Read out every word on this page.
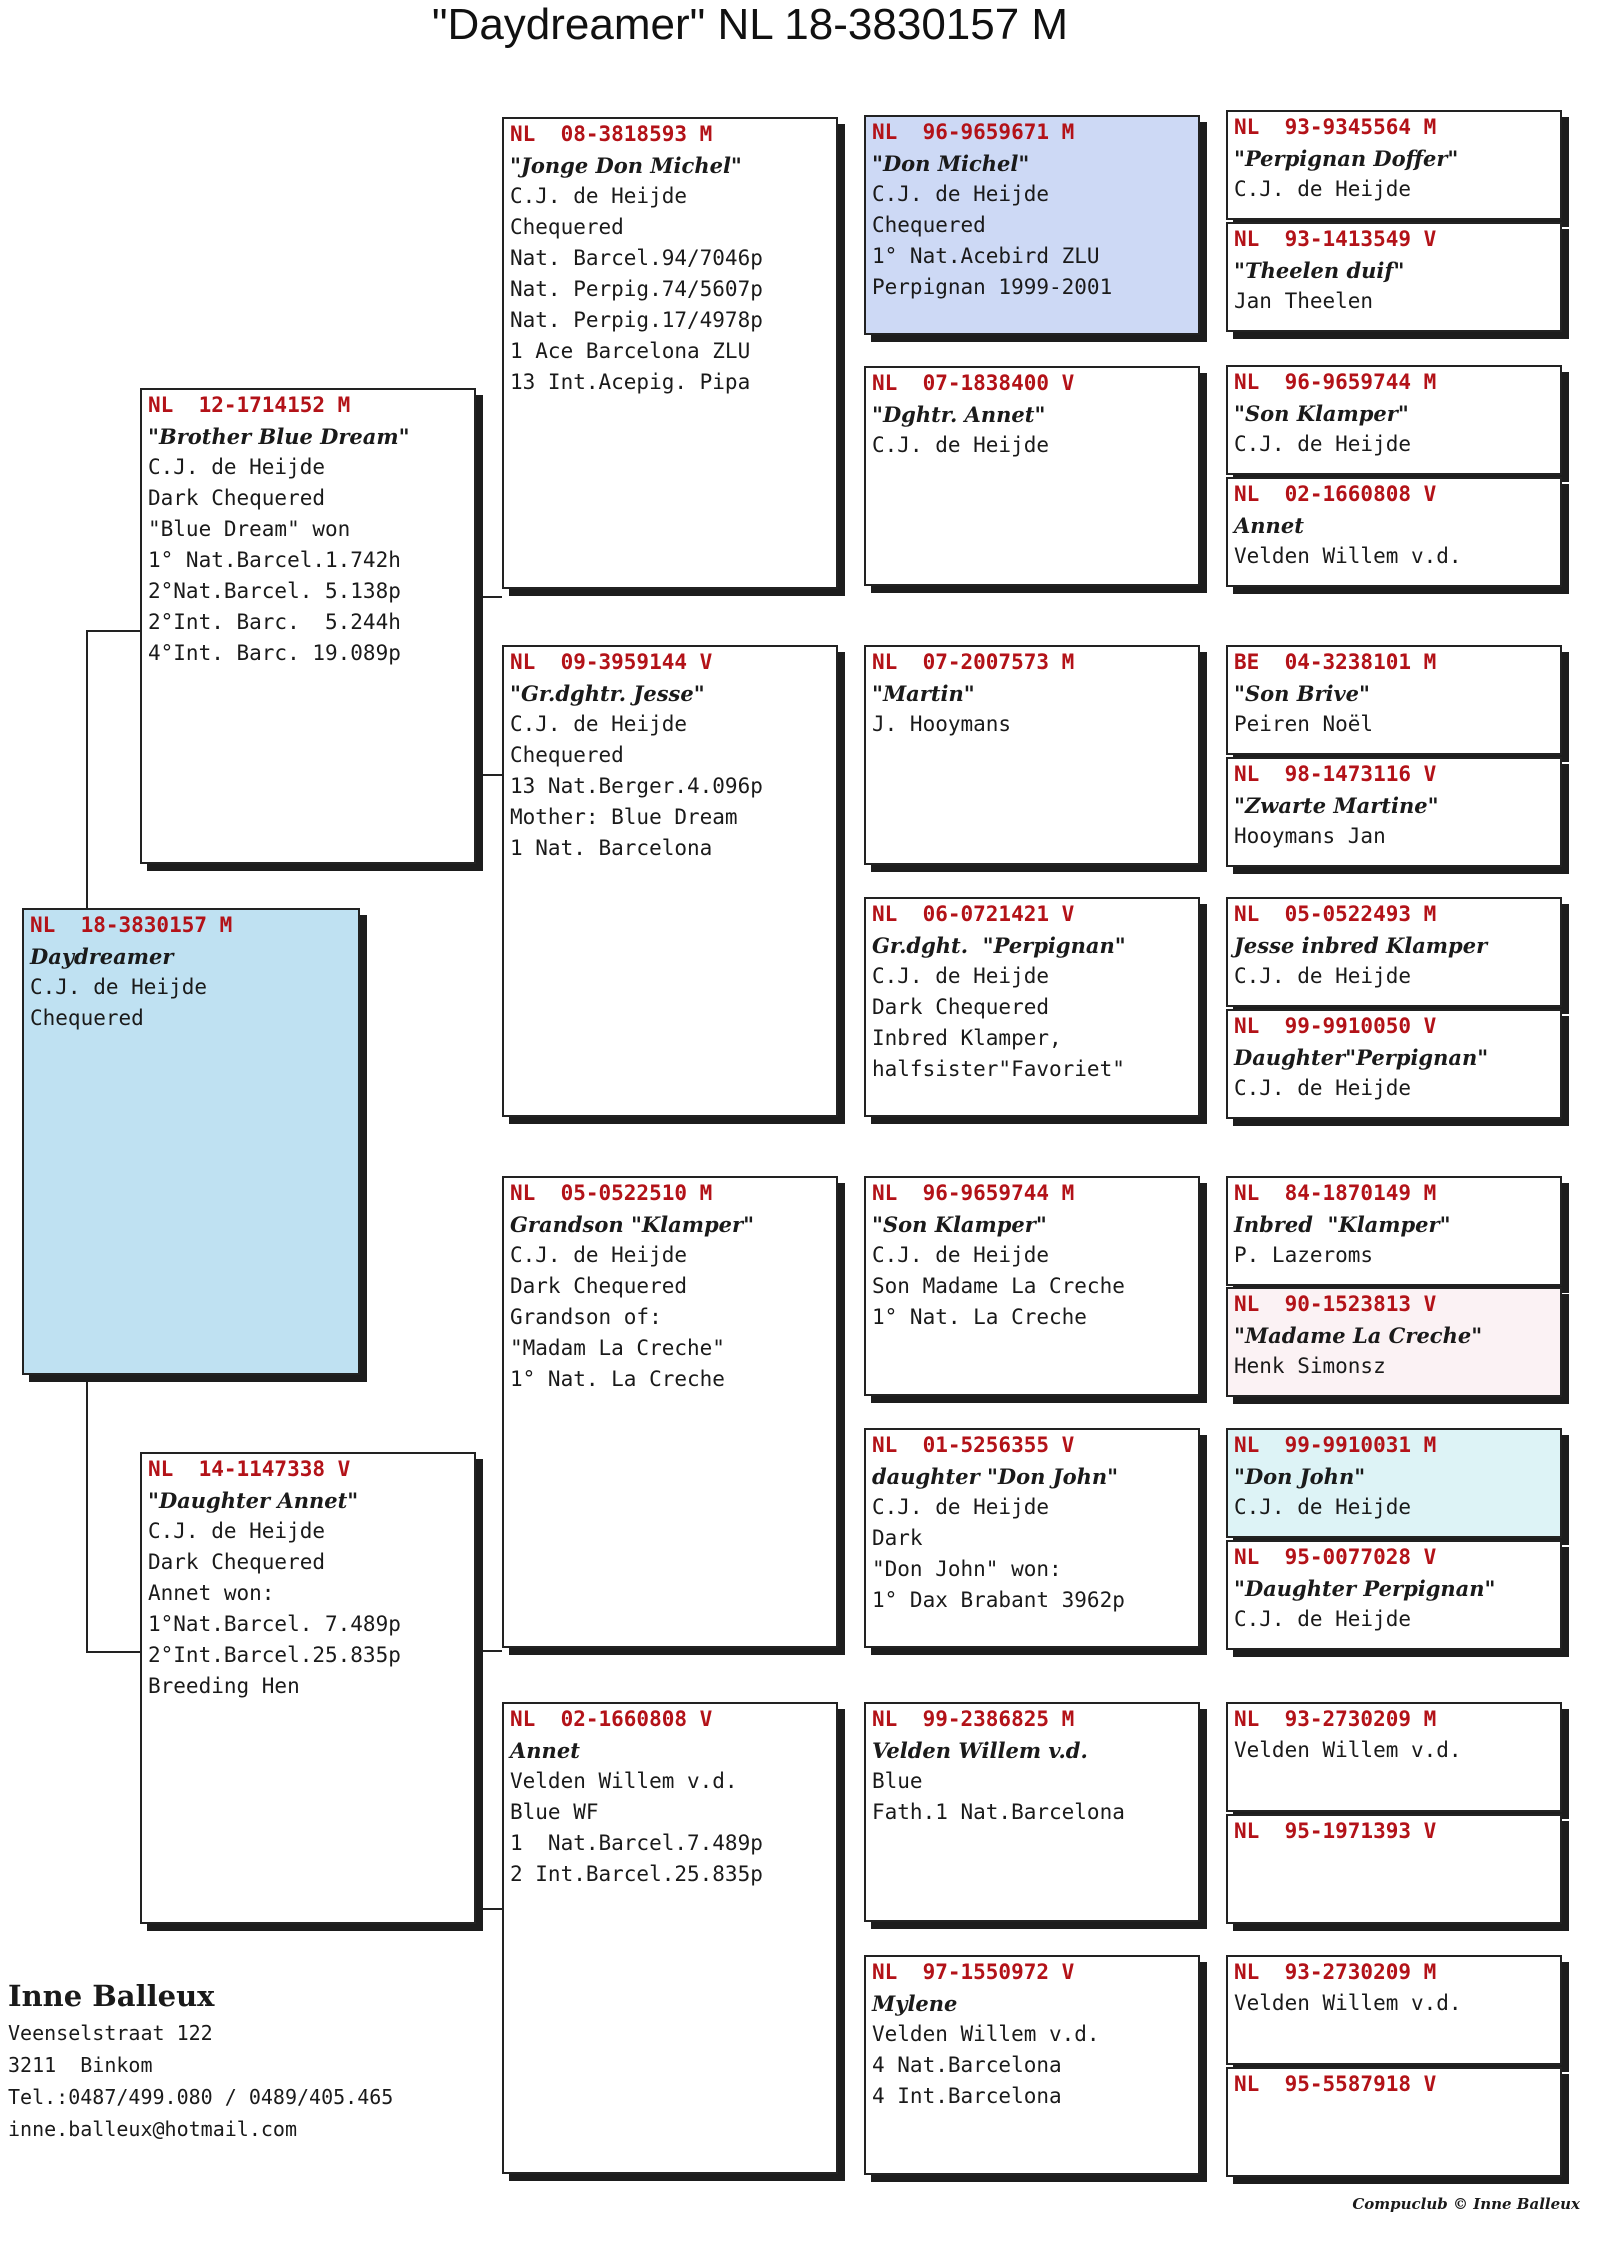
"Daydreamer" NL 18-3830157 M
NL  18-3830157 M
Daydreamer
C.J. de Heijde
Chequered
NL  12-1714152 M
"Brother Blue Dream"
C.J. de Heijde
Dark Chequered
"Blue Dream" won
1° Nat.Barcel.1.742h
2°Nat.Barcel. 5.138p
2°Int. Barc.  5.244h
4°Int. Barc. 19.089p
NL  14-1147338 V
"Daughter Annet"
C.J. de Heijde
Dark Chequered
Annet won:
1°Nat.Barcel. 7.489p
2°Int.Barcel.25.835p
Breeding Hen
NL  08-3818593 M
"Jonge Don Michel"
C.J. de Heijde
Chequered
Nat. Barcel.94/7046p
Nat. Perpig.74/5607p
Nat. Perpig.17/4978p
1 Ace Barcelona ZLU
13 Int.Acepig. Pipa
NL  09-3959144 V
"Gr.dghtr. Jesse"
C.J. de Heijde
Chequered
13 Nat.Berger.4.096p
Mother: Blue Dream
1 Nat. Barcelona
NL  05-0522510 M
Grandson "Klamper"
C.J. de Heijde
Dark Chequered
Grandson of:
"Madam La Creche"
1° Nat. La Creche
NL  02-1660808 V
Annet
Velden Willem v.d.
Blue WF
1  Nat.Barcel.7.489p
2 Int.Barcel.25.835p
NL  96-9659671 M
"Don Michel"
C.J. de Heijde
Chequered
1° Nat.Acebird ZLU
Perpignan 1999-2001
NL  07-1838400 V
"Dghtr. Annet"
C.J. de Heijde
NL  07-2007573 M
"Martin"
J. Hooymans
NL  06-0721421 V
Gr.dght.  "Perpignan"
C.J. de Heijde
Dark Chequered
Inbred Klamper,
halfsister"Favoriet"
NL  96-9659744 M
"Son Klamper"
C.J. de Heijde
Son Madame La Creche
1° Nat. La Creche
NL  01-5256355 V
daughter "Don John"
C.J. de Heijde
Dark
"Don John" won:
1° Dax Brabant 3962p
NL  99-2386825 M
Velden Willem v.d.
Blue
Fath.1 Nat.Barcelona
NL  97-1550972 V
Mylene
Velden Willem v.d.
4 Nat.Barcelona
4 Int.Barcelona
NL  93-9345564 M
"Perpignan Doffer"
C.J. de Heijde
NL  93-1413549 V
"Theelen duif"
Jan Theelen
NL  96-9659744 M
"Son Klamper"
C.J. de Heijde
NL  02-1660808 V
Annet
Velden Willem v.d.
BE  04-3238101 M
"Son Brive"
Peiren Noël
NL  98-1473116 V
"Zwarte Martine"
Hooymans Jan
NL  05-0522493 M
Jesse inbred Klamper
C.J. de Heijde
NL  99-9910050 V
Daughter"Perpignan"
C.J. de Heijde
NL  84-1870149 M
Inbred  "Klamper"
P. Lazeroms
NL  90-1523813 V
"Madame La Creche"
Henk Simonsz
NL  99-9910031 M
"Don John"
C.J. de Heijde
NL  95-0077028 V
"Daughter Perpignan"
C.J. de Heijde
NL  93-2730209 M
Velden Willem v.d.
NL  95-1971393 V
NL  93-2730209 M
Velden Willem v.d.
NL  95-5587918 V
Inne Balleux
Veenselstraat 122
3211  Binkom
Tel.:0487/499.080 / 0489/405.465
inne.balleux@hotmail.com
Compuclub © Inne Balleux
